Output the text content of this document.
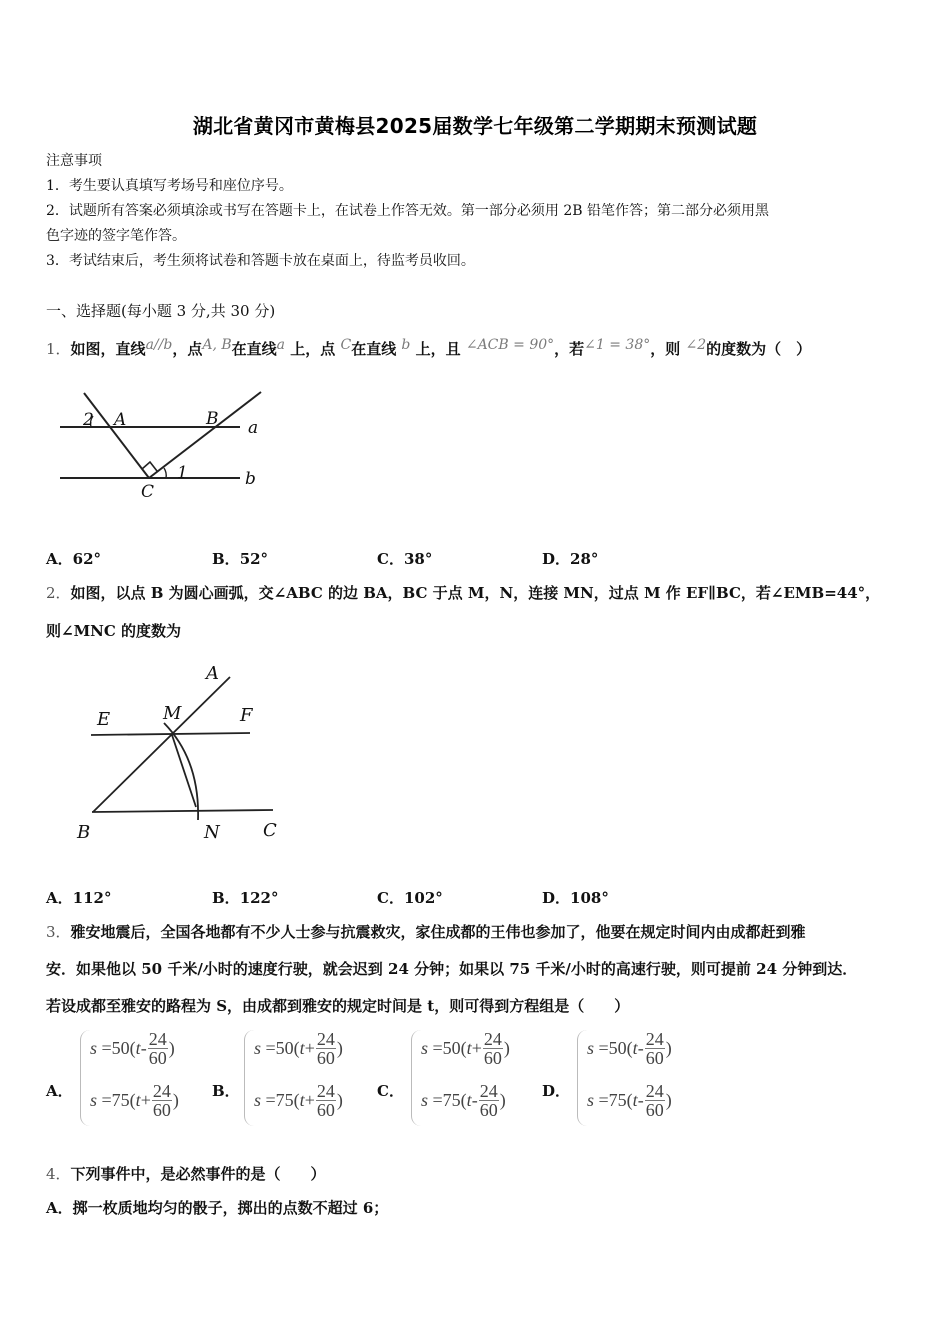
湖北省黄冈市黄梅县2025届数学七年级第二学期期末预测试题
注意事项
1．考生要认真填写考场号和座位序号。
2．试题所有答案必须填涂或书写在答题卡上，在试卷上作答无效。第一部分必须用 2B 铅笔作答；第二部分必须用黑
色字迹的签字笔作答。
3．考试结束后，考生须将试卷和答题卡放在桌面上，待监考员收回。
一、选择题(每小题 3 分,共 30 分)
1．如图，直线a//b，点A, B在直线a 上，点 C在直线 b 上，且 ∠ACB = 90°，若∠1 = 38°，则 ∠2的度数为（　）
2 A	B a
C
1	b
A．62°	B．52°	C．38°	D．28°
2．如图，以点 B 为圆心画弧，交∠ABC 的边 BA，BC 于点 M，N，连接 MN，过点 M 作 EF∥BC，若∠EMB=44°，
则∠MNC 的度数为
A
E	M	F
B	N C
A．112°	B．122°	C．102°	D．108°
3．雅安地震后，全国各地都有不少人士参与抗震救灾，家住成都的王伟也参加了，他要在规定时间内由成都赶到雅
安．如果他以 50 千米/小时的速度行驶，就会迟到 24 分钟；如果以 75 千米/小时的高速行驶，则可提前 24 分钟到达．
若设成都至雅安的路程为 S，由成都到雅安的规定时间是 t，则可得到方程组是（　　）
A．
s
=50( t - $\frac{24}{60}$ )
s
=75( $t + \frac{24}{60}$ ) B．
s
=50( $t + \frac{24}{60}$ )
s
=75( $t + \frac{24}{60}$ ) C．
s
=50( $t + \frac{24}{60}$ )
s
=75( t - $\frac{24}{60}$ ) D．
s
=50( t - $\frac{24}{60}$ )
s
=75( t - $\frac{24}{60}$ )
4．下列事件中，是必然事件的是（　　）
A．掷一枚质地均匀的骰子，掷出的点数不超过 6；
